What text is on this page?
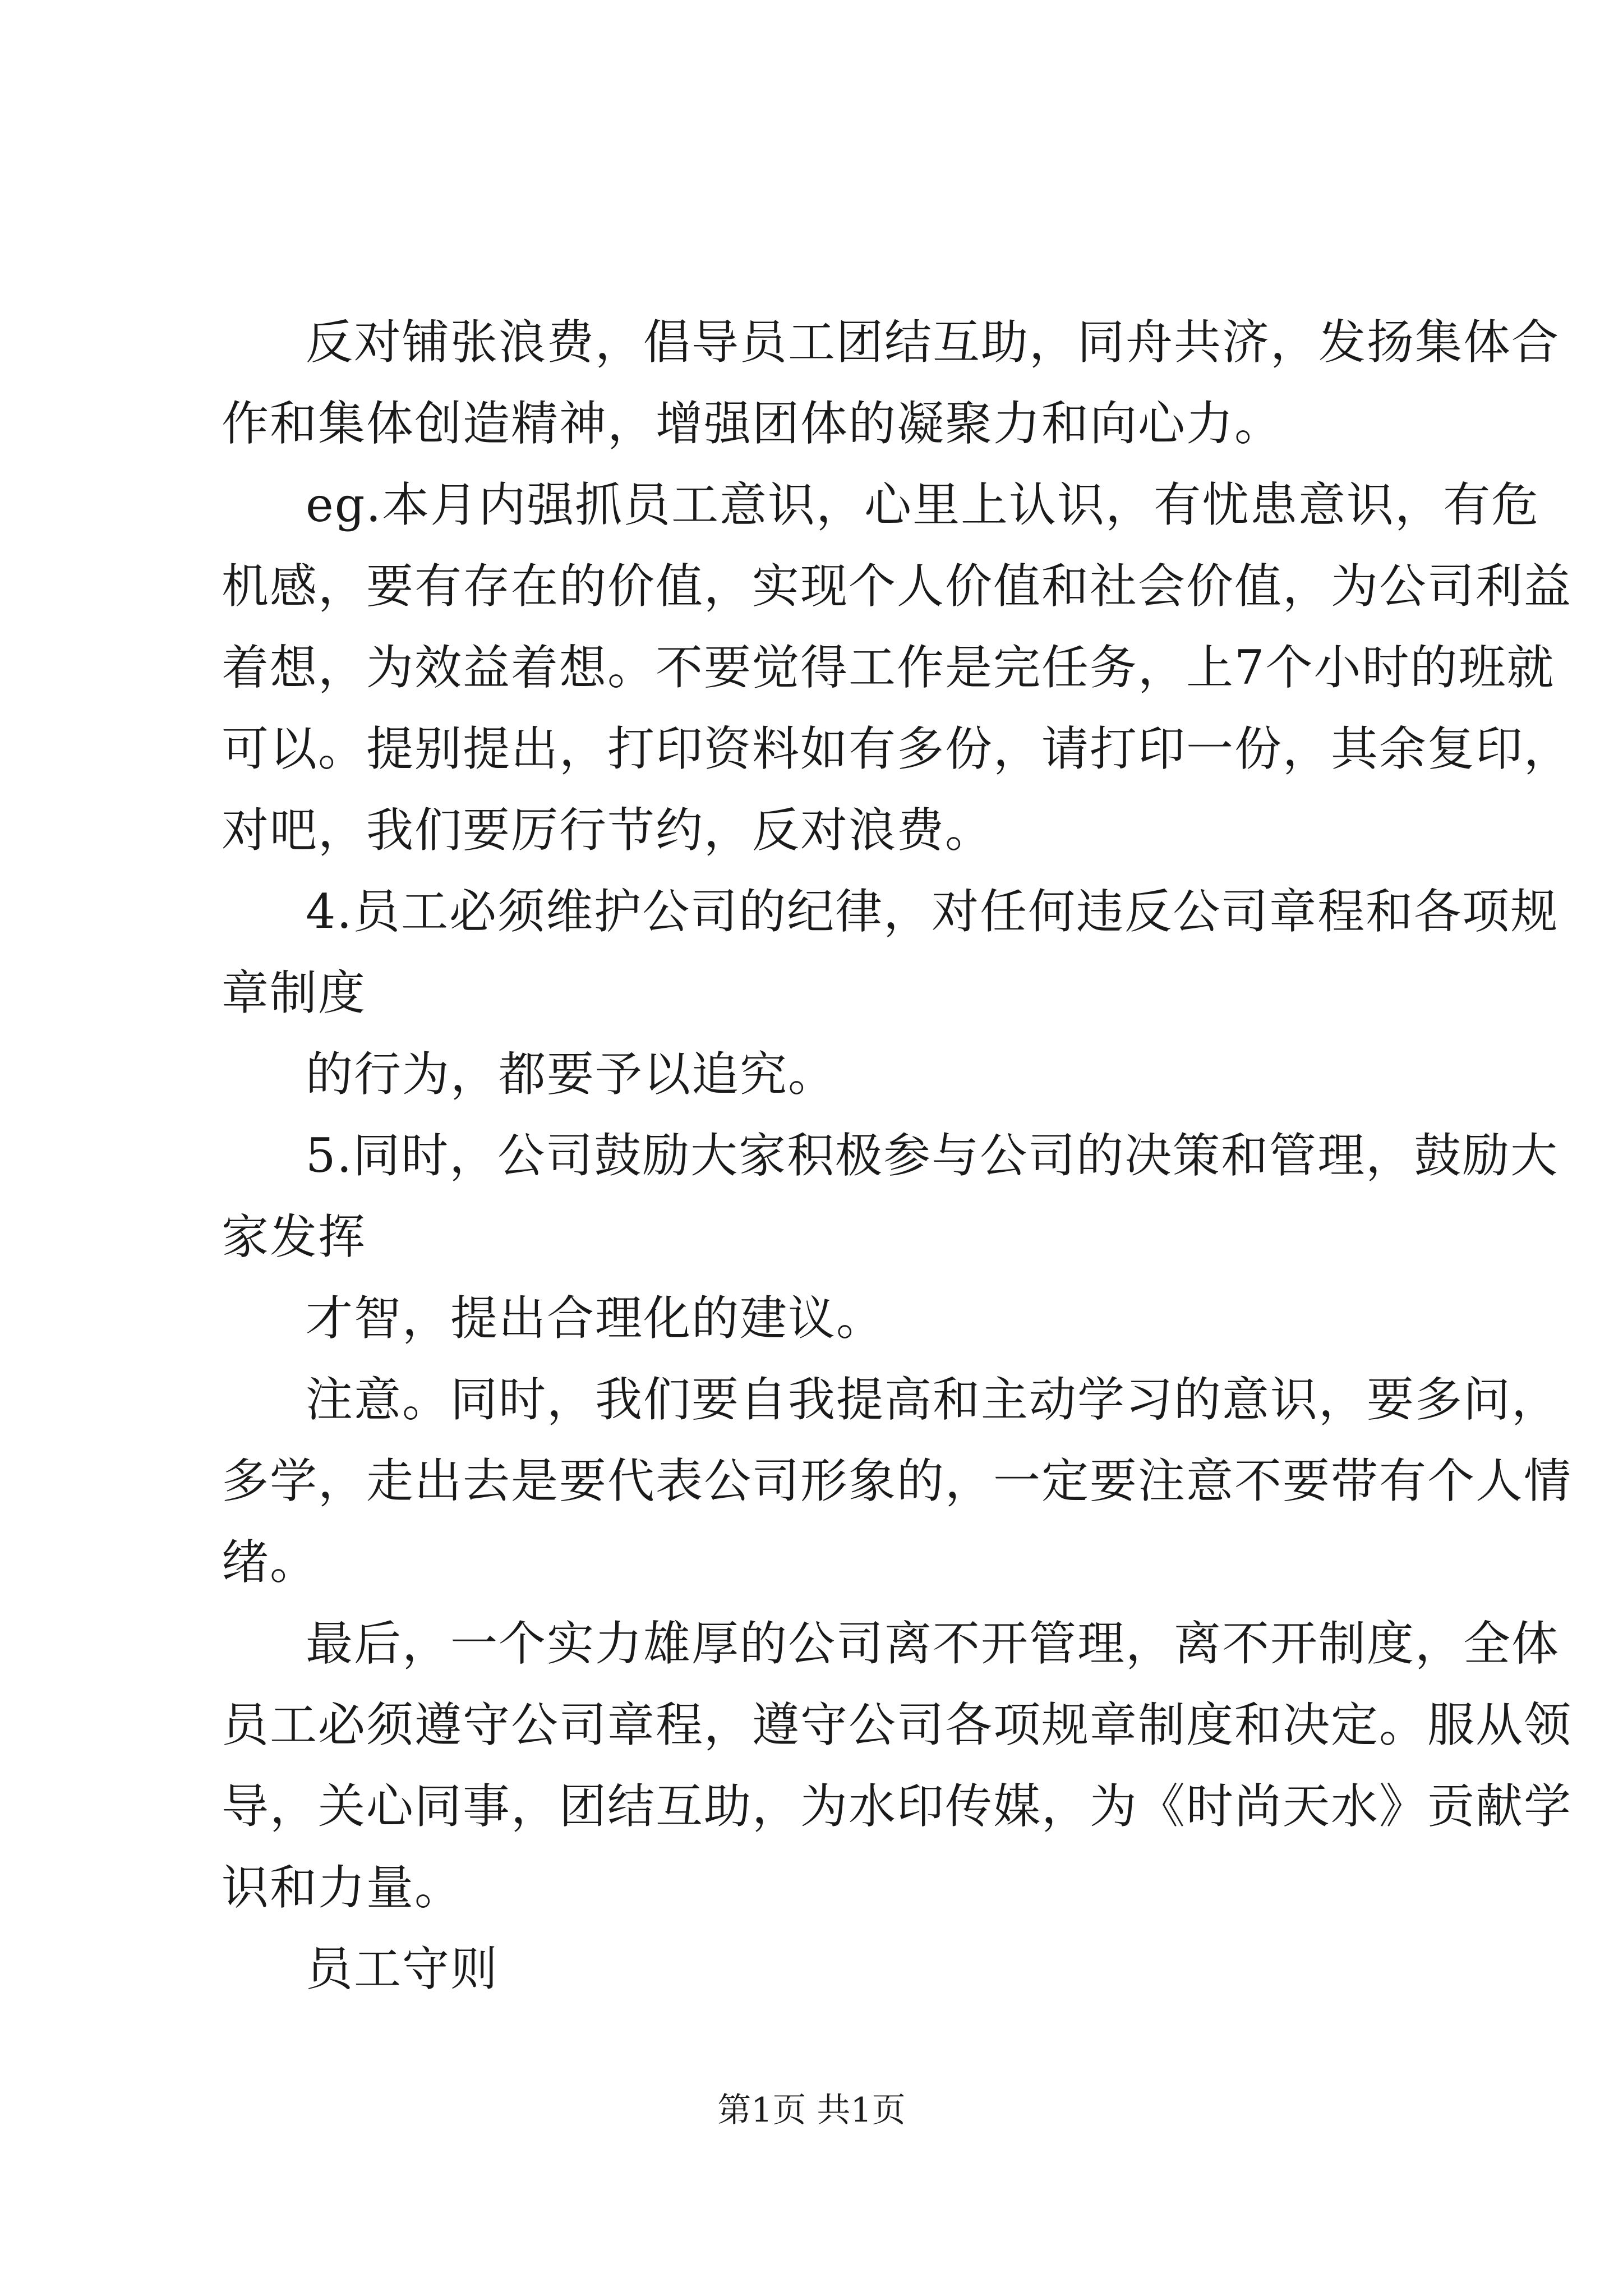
反对铺张浪费，倡导员工团结互助，同舟共济，发扬集体合

作和集体创造精神，增强团体的凝聚力和向心力。

eg.本月内强抓员工意识，心里上认识，有忧患意识，有危

机感，要有存在的价值，实现个人价值和社会价值，为公司利益

着想，为效益着想。不要觉得工作是完任务，上7个小时的班就

可以。提别提出，打印资料如有多份，请打印一份，其余复印，

对吧，我们要厉行节约，反对浪费。

4.员工必须维护公司的纪律，对任何违反公司章程和各项规

章制度

的行为，都要予以追究。

5.同时，公司鼓励大家积极参与公司的决策和管理，鼓励大

家发挥

才智，提出合理化的建议。

注意。同时，我们要自我提高和主动学习的意识，要多问，

多学，走出去是要代表公司形象的，一定要注意不要带有个人情

绪。

最后，一个实力雄厚的公司离不开管理，离不开制度，全体

员工必须遵守公司章程，遵守公司各项规章制度和决定。服从领

导，关心同事，团结互助，为水印传媒，为《时尚天水》贡献学

识和力量。

员工守则

第1页 共1页
